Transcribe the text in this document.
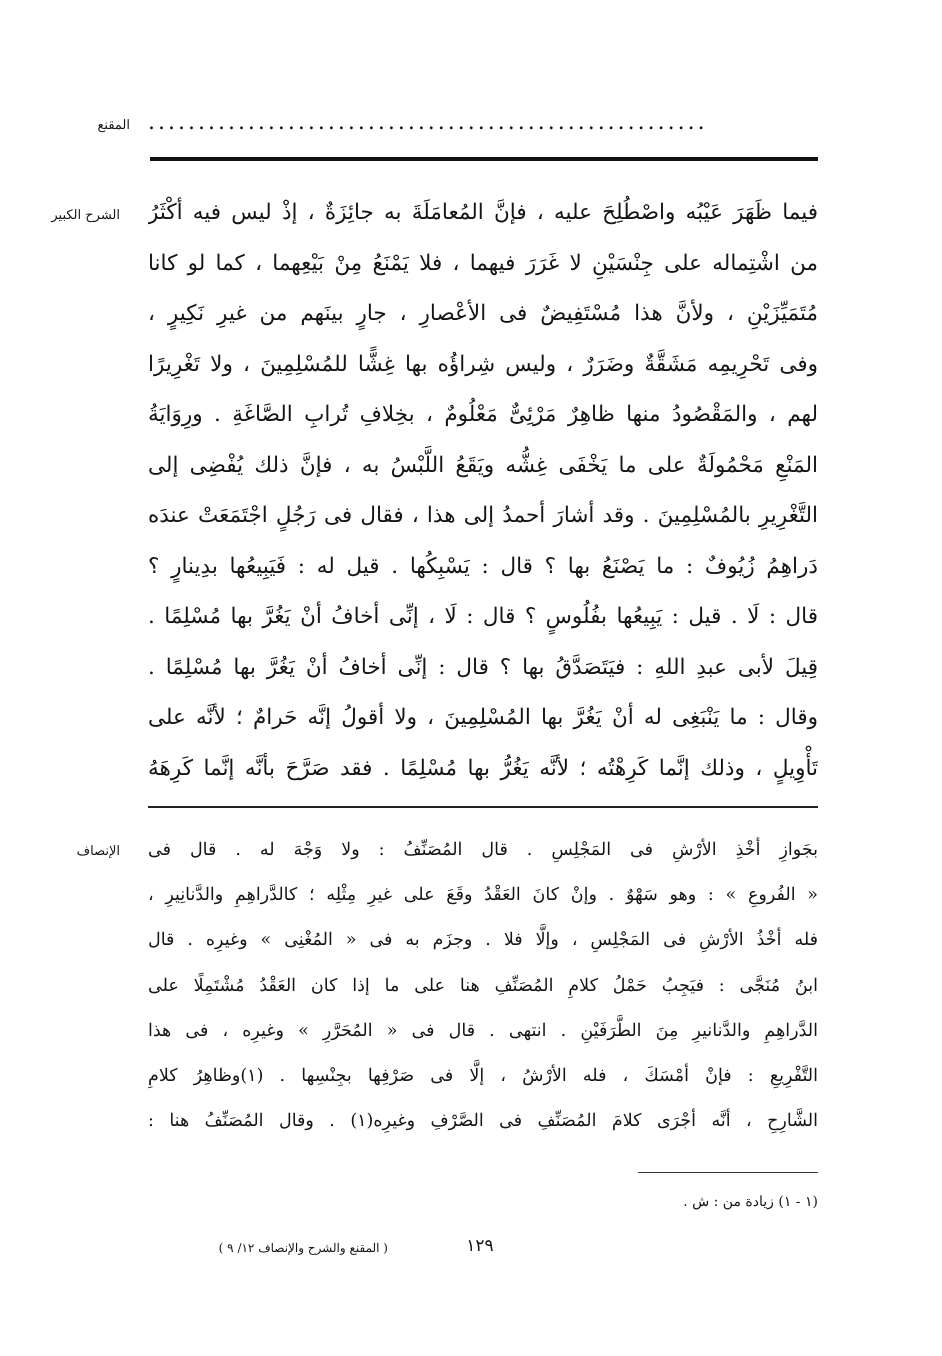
المقنع ........................................................
الشرح الكبير فيما ظَهَرَ عَيْبُه واصْطُلِحَ عليه ، فإنَّ المُعامَلَةَ به جائِزَةٌ ، إذْ ليس فيه أكْثَرُ
من اشْتِماله على جِنْسَيْنِ لا غَرَرَ فيهما ، فلا يَمْنَعُ مِنْ بَيْعِهما ، كما لو كانا
مُتَمَيِّزَيْنِ ، ولأنَّ هذا مُسْتَفِيضٌ فى الأعْصارِ ، جارٍ بينَهم من غيرِ نَكِيرٍ ،
وفى تَحْرِيمِه مَشَقَّةٌ وضَرَرٌ ، وليس شِراؤُه بها غِشًّا للمُسْلِمِينَ ، ولا تَغْرِيرًا
لهم ، والمَقْصُودُ منها ظاهِرٌ مَرْئِىٌّ مَعْلُومٌ ، بخِلافِ تُرابِ الصَّاغَةِ . ورِوَايَةُ
المَنْعِ مَحْمُولَةٌ على ما يَخْفَى غِشُّه ويَقَعُ اللَّبْسُ به ، فإنَّ ذلك يُفْضِى إلى
التَّغْرِيرِ بالمُسْلِمِينَ . وقد أشارَ أحمدُ إلى هذا ، فقال فى رَجُلٍ اجْتَمَعَتْ عندَه
دَراهِمُ زُيُوفٌ : ما يَصْنَعُ بها ؟ قال : يَسْبِكُها . قيل له : فَيَبِيعُها بدِينارٍ ؟
قال : لَا . قيل : يَبِيعُها بفُلُوسٍ ؟ قال : لَا ، إنِّى أخافُ أنْ يَغُرَّ بها مُسْلِمًا .
قِيلَ لأبى عبدِ اللهِ : فيَتَصَدَّقُ بها ؟ قال : إنِّى أخافُ أنْ يَغُرَّ بها مُسْلِمًا .
وقال : ما يَنْبَغِى له أنْ يَغُرَّ بها المُسْلِمِينَ ، ولا أقولُ إنَّه حَرامٌ ؛ لأنَّه على
تَأْوِيلٍ ، وذلك إنَّما كَرِهْتُه ؛ لأنَّه يَغُرُّ بها مُسْلِمًا . فقد صَرَّحَ بأنَّه إنَّما كَرِهَهُ
الإنصاف بجَوازِ أخْذِ الأرْشِ فى المَجْلِسِ . قال المُصَنِّفُ : ولا وَجْهَ له . قال فى
« الفُروعِ » : وهو سَهْوٌ . وإنْ كانَ العَقْدُ وقَعَ على غيرِ مِثْلِه ؛ كالدَّراهِمِ والدَّنانِيرِ ،
فله أخْذُ الأرْشِ فى المَجْلِسِ ، وإلَّا فلا . وجزَم به فى « المُغْنِى » وغيرِه . قال
ابنُ مُنَجَّى : فيَجِبُ حَمْلُ كلامِ المُصَنِّفِ هنا على ما إذا كان العَقْدُ مُشْتَمِلًا على
الدَّراهِمِ والدَّنانيرِ مِنَ الطَّرَفَيْنِ . انتهى . قال فى « المُحَرَّرِ » وغيرِه ، فى هذا
التَّفْرِيعِ : فإنْ أمْسَكَ ، فله الأرْشُ ، إلَّا فى صَرْفِها بجِنْسِها . (١)وظاهِرُ كلامِ
الشَّارِحِ ، أنَّه أجْرَى كلامَ المُصَنِّفِ فى الصَّرْفِ وغيرِه(١) . وقال المُصَنِّفُ هنا :
(١ - ١) زيادة من : ش .
١٢٩
( المقنع والشرح والإنصاف ١٢/ ٩ )
